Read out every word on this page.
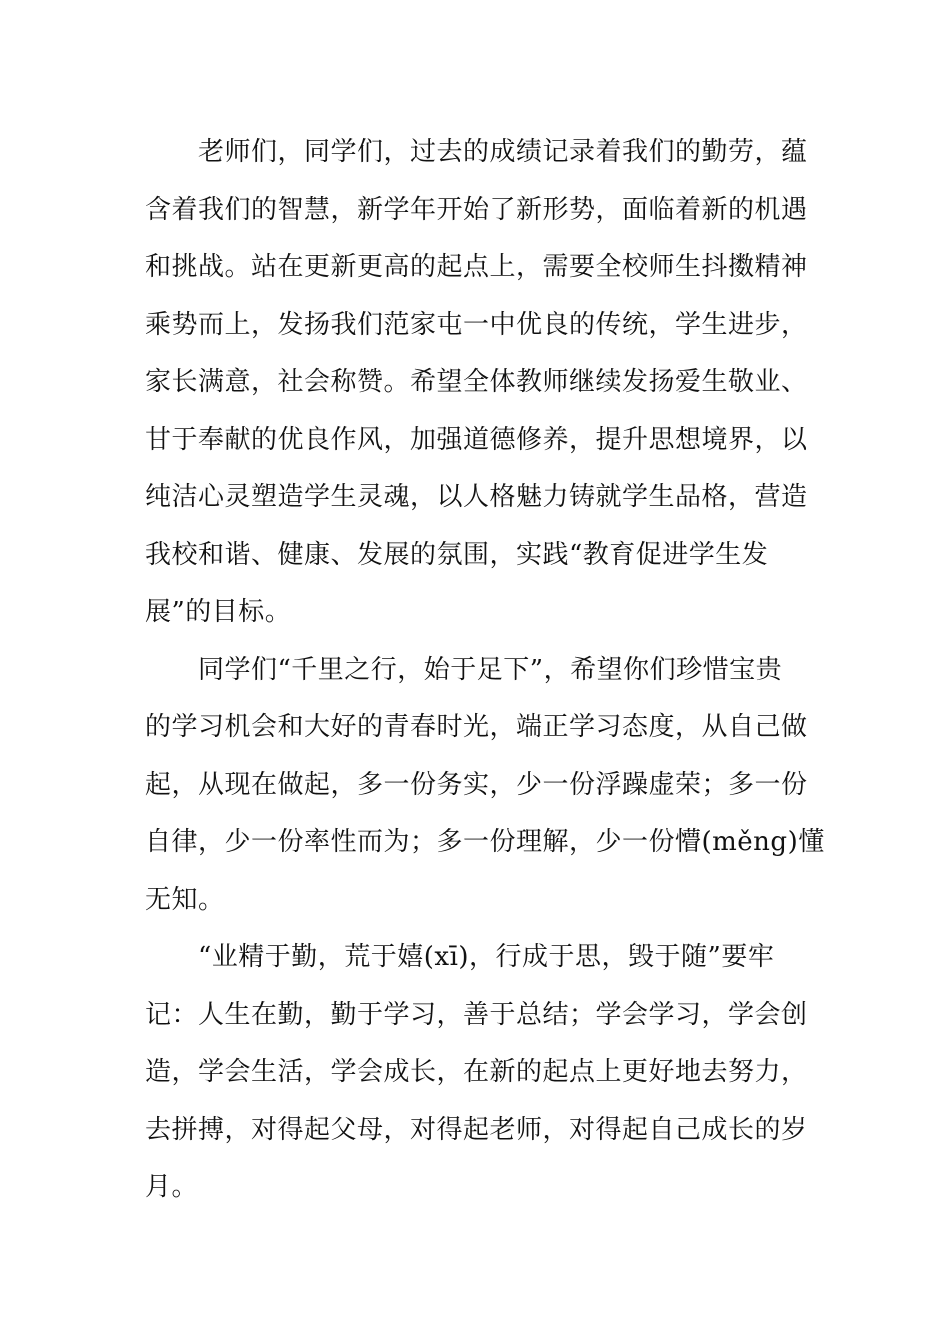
老师们，同学们，过去的成绩记录着我们的勤劳，蕴
含着我们的智慧，新学年开始了新形势，面临着新的机遇
和挑战。站在更新更高的起点上，需要全校师生抖擞精神
乘势而上，发扬我们范家屯一中优良的传统，学生进步，
家长满意，社会称赞。希望全体教师继续发扬爱生敬业、
甘于奉献的优良作风，加强道德修养，提升思想境界，以
纯洁心灵塑造学生灵魂，以人格魅力铸就学生品格，营造
我校和谐、健康、发展的氛围，实践“教育促进学生发
展”的目标。

同学们“千里之行，始于足下”，希望你们珍惜宝贵
的学习机会和大好的青春时光，端正学习态度，从自己做
起，从现在做起，多一份务实，少一份浮躁虚荣；多一份
自律，少一份率性而为；多一份理解，少一份懵(měng)懂
无知。

“业精于勤，荒于嬉(xī)，行成于思，毁于随”要牢
记：人生在勤，勤于学习，善于总结；学会学习，学会创
造，学会生活，学会成长，在新的起点上更好地去努力，
去拼搏，对得起父母，对得起老师，对得起自己成长的岁
月。
